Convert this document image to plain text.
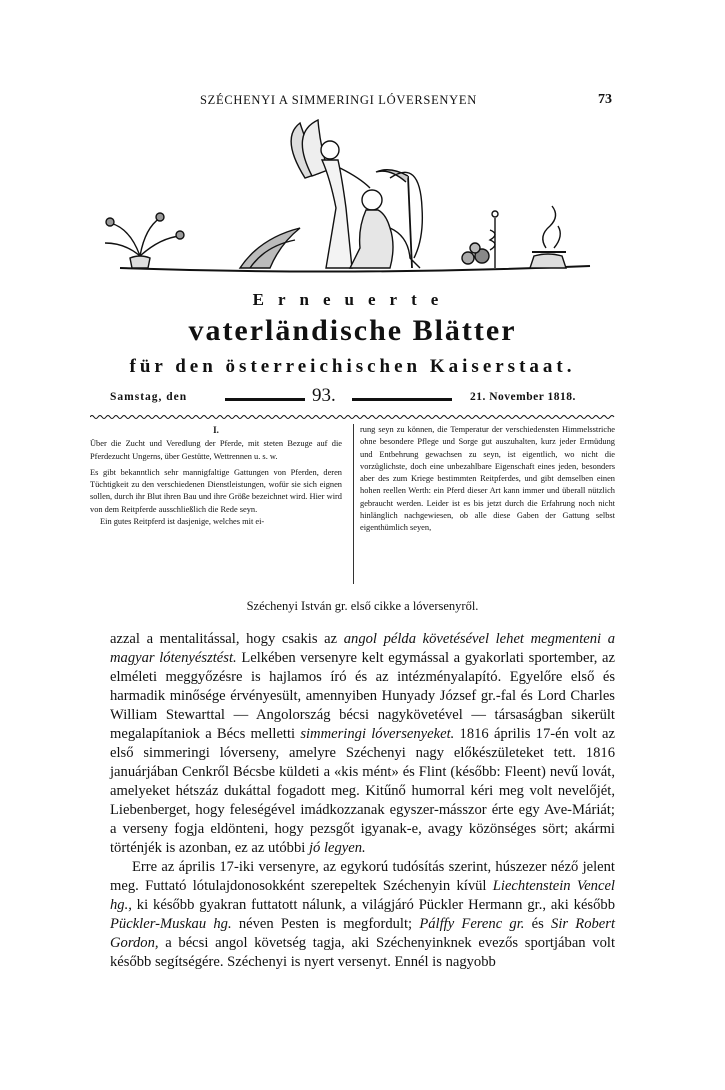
SZÉCHENYI A SIMMERINGI LÓVERSENYEN	73
Erneuerte
vaterländische Blätter
für den österreichischen Kaiserstaat.
Samstag, den	93.	21. November 1818.
I.

Über die Zucht und Veredlung der Pferde, mit steten Bezuge auf die Pferdezucht Ungerns, über Gestütte, Wettrennen u. s. w.

Es gibt bekanntlich sehr mannigfaltige Gattungen von Pferden, deren Tüchtigkeit zu den verschiedenen Dienstleistungen, wofür sie sich eignen sollen, durch ihr Blut ihren Bau und ihre Größe bezeichnet wird. Hier wird von dem Reitpferde ausschließlich die Rede seyn.

Ein gutes Reitpferd ist dasjenige, welches mit ei-

rung seyn zu können, die Temperatur der verschiedensten Himmelsstriche ohne besondere Pflege und Sorge gut auszuhalten, kurz jeder Ermüdung und Entbehrung gewachsen zu seyn, ist eigentlich, wo nicht die vorzüglichste, doch eine unbezahlbare Eigenschaft eines jeden, besonders aber des zum Kriege bestimmten Reitpferdes, und gibt demselben einen hohen reellen Werth: ein Pferd dieser Art kann immer und überall nützlich gebraucht werden. Leider ist es bis jetzt durch die Erfahrung noch nicht hinlänglich nachgewiesen, ob alle diese Gaben der Gattung selbst eigenthümlich seyen,

Széchenyi István gr. első cikke a lóversenyről.

azzal a mentalitással, hogy csakis az angol példa követésével lehet megmenteni a magyar lótenyésztést. Lelkében versenyre kelt egymással a gyakorlati sportember, az elméleti meggyőzésre is hajlamos író és az intézményalapító. Egyelőre első és harmadik minősége érvényesült, amennyiben Hunyady József gr.-fal és Lord Charles William Stewarttal — Angolország bécsi nagykövetével — társaságban sikerült megalapítaniok a Bécs melletti simmeringi lóversenyeket. 1816 április 17-én volt az első simmeringi lóverseny, amelyre Széchenyi nagy előkészületeket tett. 1816 januárjában Cenkről Bécsbe küldeti a «kis mént» és Flint (később: Fleent) nevű lovát, amelyeket hétszáz dukáttal fogadott meg. Kitűnő humorral kéri meg volt nevelőjét, Liebenberget, hogy feleségével imádkozzanak egyszer-másszor érte egy Ave-Máriát; a verseny fogja eldönteni, hogy pezsgőt igyanak-e, avagy közönséges sört; akármi történjék is azonban, ez az utóbbi jó legyen.

Erre az április 17-iki versenyre, az egykorú tudósítás szerint, húszezer néző jelent meg. Futtató lótulajdonosokként szerepeltek Széchenyin kívül Liechtenstein Vencel hg., ki később gyakran futtatott nálunk, a világjáró Pückler Hermann gr., aki később Pückler-Muskau hg. néven Pesten is megfordult; Pálffy Ferenc gr. és Sir Robert Gordon, a bécsi angol követség tagja, aki Széchenyinknek evezős sportjában volt később segítségére. Széchenyi is nyert versenyt. Ennél is nagyobb
